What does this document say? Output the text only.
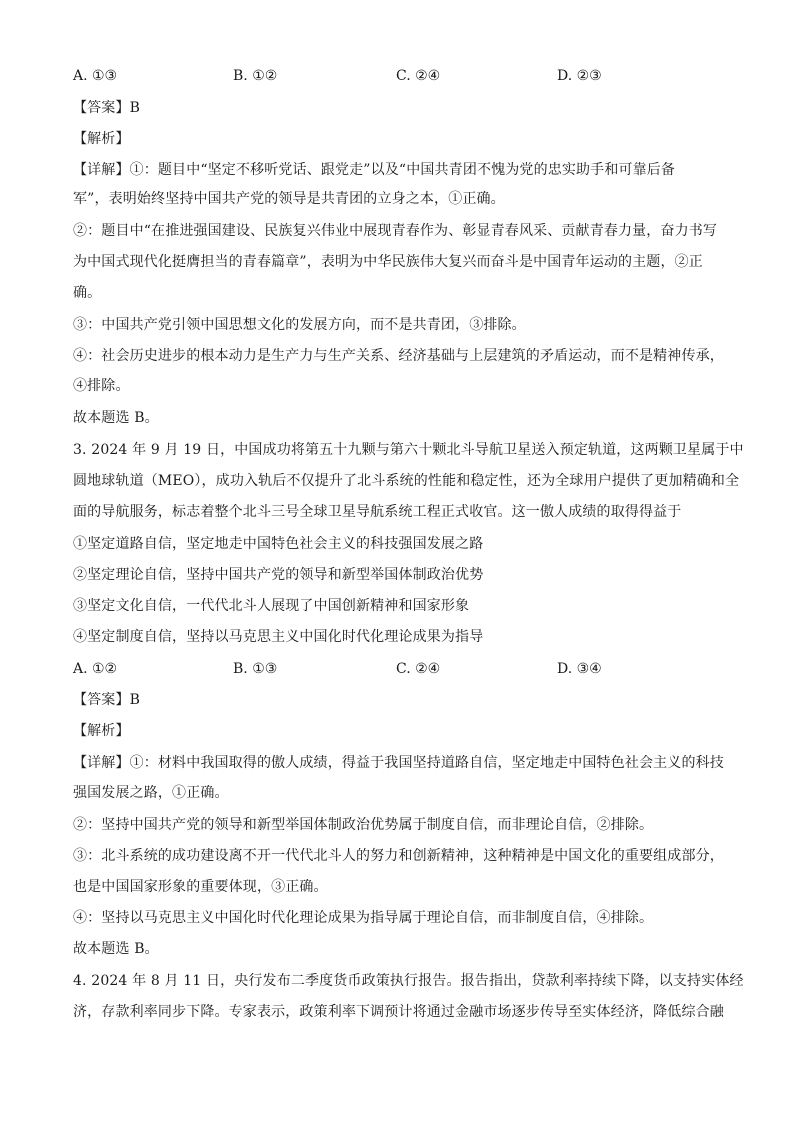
A. ①③	B. ①②	C. ②④	D. ②③
【答案】B
【解析】
【详解】①：题目中“坚定不移听党话、跟党走”以及“中国共青团不愧为党的忠实助手和可靠后备
军”，表明始终坚持中国共产党的领导是共青团的立身之本，①正确。
②：题目中“在推进强国建设、民族复兴伟业中展现青春作为、彰显青春风采、贡献青春力量，奋力书写
为中国式现代化挺膺担当的青春篇章”，表明为中华民族伟大复兴而奋斗是中国青年运动的主题，②正
确。
③：中国共产党引领中国思想文化的发展方向，而不是共青团，③排除。
④：社会历史进步的根本动力是生产力与生产关系、经济基础与上层建筑的矛盾运动，而不是精神传承，
④排除。
故本题选 B。
3. 2024 年 9 月 19 日，中国成功将第五十九颗与第六十颗北斗导航卫星送入预定轨道，这两颗卫星属于中
圆地球轨道（MEO），成功入轨后不仅提升了北斗系统的性能和稳定性，还为全球用户提供了更加精确和全
面的导航服务，标志着整个北斗三号全球卫星导航系统工程正式收官。这一傲人成绩的取得得益于
①坚定道路自信，坚定地走中国特色社会主义的科技强国发展之路
②坚定理论自信，坚持中国共产党的领导和新型举国体制政治优势
③坚定文化自信，一代代北斗人展现了中国创新精神和国家形象
④坚定制度自信，坚持以马克思主义中国化时代化理论成果为指导
A. ①②	B. ①③	C. ②④	D. ③④
【答案】B
【解析】
【详解】①：材料中我国取得的傲人成绩，得益于我国坚持道路自信，坚定地走中国特色社会主义的科技
强国发展之路，①正确。
②：坚持中国共产党的领导和新型举国体制政治优势属于制度自信，而非理论自信，②排除。
③：北斗系统的成功建设离不开一代代北斗人的努力和创新精神，这种精神是中国文化的重要组成部分，
也是中国国家形象的重要体现，③正确。
④：坚持以马克思主义中国化时代化理论成果为指导属于理论自信，而非制度自信，④排除。
故本题选 B。
4. 2024 年 8 月 11 日，央行发布二季度货币政策执行报告。报告指出，贷款利率持续下降，以支持实体经
济，存款利率同步下降。专家表示，政策利率下调预计将通过金融市场逐步传导至实体经济，降低综合融
